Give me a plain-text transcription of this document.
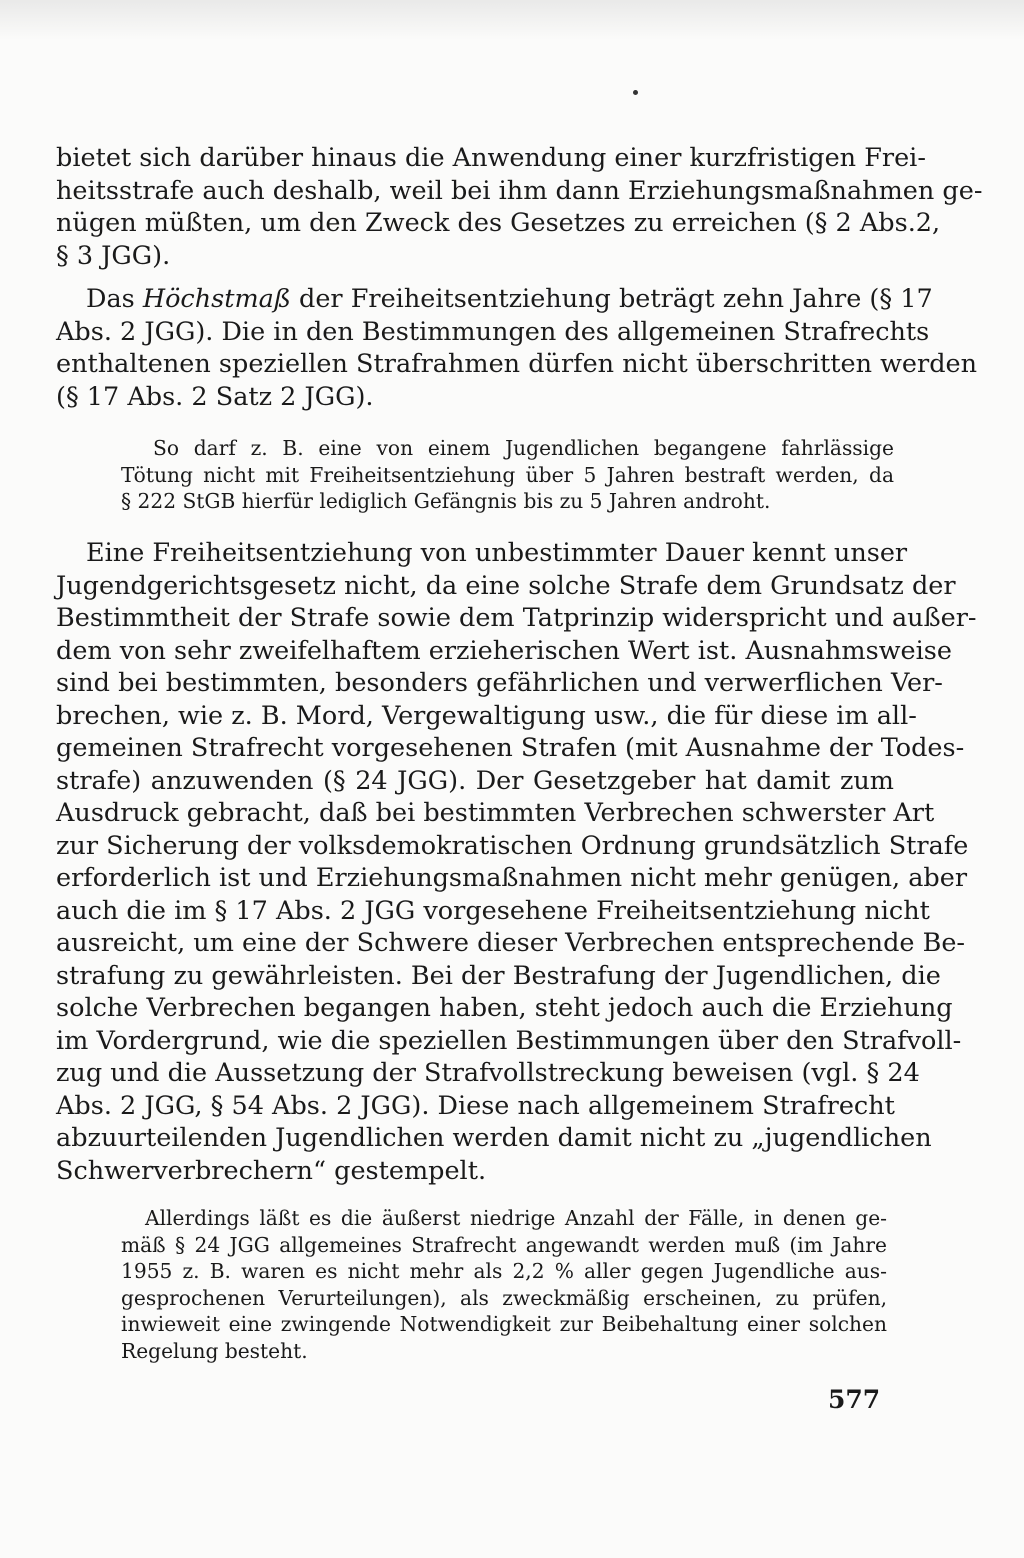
bietet sich darüber hinaus die Anwendung einer kurzfristigen Frei-
heitsstrafe auch deshalb, weil bei ihm dann Erziehungsmaßnahmen ge-
nügen müßten, um den Zweck des Gesetzes zu erreichen (§ 2 Abs.2,
§ 3 JGG).
Das Höchstmaß der Freiheitsentziehung beträgt zehn Jahre (§ 17
Abs. 2 JGG). Die in den Bestimmungen des allgemeinen Strafrechts
enthaltenen speziellen Strafrahmen dürfen nicht überschritten werden
(§ 17 Abs. 2 Satz 2 JGG).
So darf z. B. eine von einem Jugendlichen begangene fahrlässige
Tötung nicht mit Freiheitsentziehung über 5 Jahren bestraft werden, da
§ 222 StGB hierfür lediglich Gefängnis bis zu 5 Jahren androht.
Eine Freiheitsentziehung von unbestimmter Dauer kennt unser
Jugendgerichtsgesetz nicht, da eine solche Strafe dem Grundsatz der
Bestimmtheit der Strafe sowie dem Tatprinzip widerspricht und außer-
dem von sehr zweifelhaftem erzieherischen Wert ist. Ausnahmsweise
sind bei bestimmten, besonders gefährlichen und verwerflichen Ver-
brechen, wie z. B. Mord, Vergewaltigung usw., die für diese im all-
gemeinen Strafrecht vorgesehenen Strafen (mit Ausnahme der Todes-
strafe) anzuwenden (§ 24 JGG). Der Gesetzgeber hat damit zum
Ausdruck gebracht, daß bei bestimmten Verbrechen schwerster Art
zur Sicherung der volksdemokratischen Ordnung grundsätzlich Strafe
erforderlich ist und Erziehungsmaßnahmen nicht mehr genügen, aber
auch die im § 17 Abs. 2 JGG vorgesehene Freiheitsentziehung nicht
ausreicht, um eine der Schwere dieser Verbrechen entsprechende Be-
strafung zu gewährleisten. Bei der Bestrafung der Jugendlichen, die
solche Verbrechen begangen haben, steht jedoch auch die Erziehung
im Vordergrund, wie die speziellen Bestimmungen über den Strafvoll-
zug und die Aussetzung der Strafvollstreckung beweisen (vgl. § 24
Abs. 2 JGG, § 54 Abs. 2 JGG). Diese nach allgemeinem Strafrecht
abzuurteilenden Jugendlichen werden damit nicht zu „jugendlichen
Schwerverbrechern“ gestempelt.
Allerdings läßt es die äußerst niedrige Anzahl der Fälle, in denen ge-
mäß § 24 JGG allgemeines Strafrecht angewandt werden muß (im Jahre
1955 z. B. waren es nicht mehr als 2,2 % aller gegen Jugendliche aus-
gesprochenen Verurteilungen), als zweckmäßig erscheinen, zu prüfen,
inwieweit eine zwingende Notwendigkeit zur Beibehaltung einer solchen
Regelung besteht.
577
